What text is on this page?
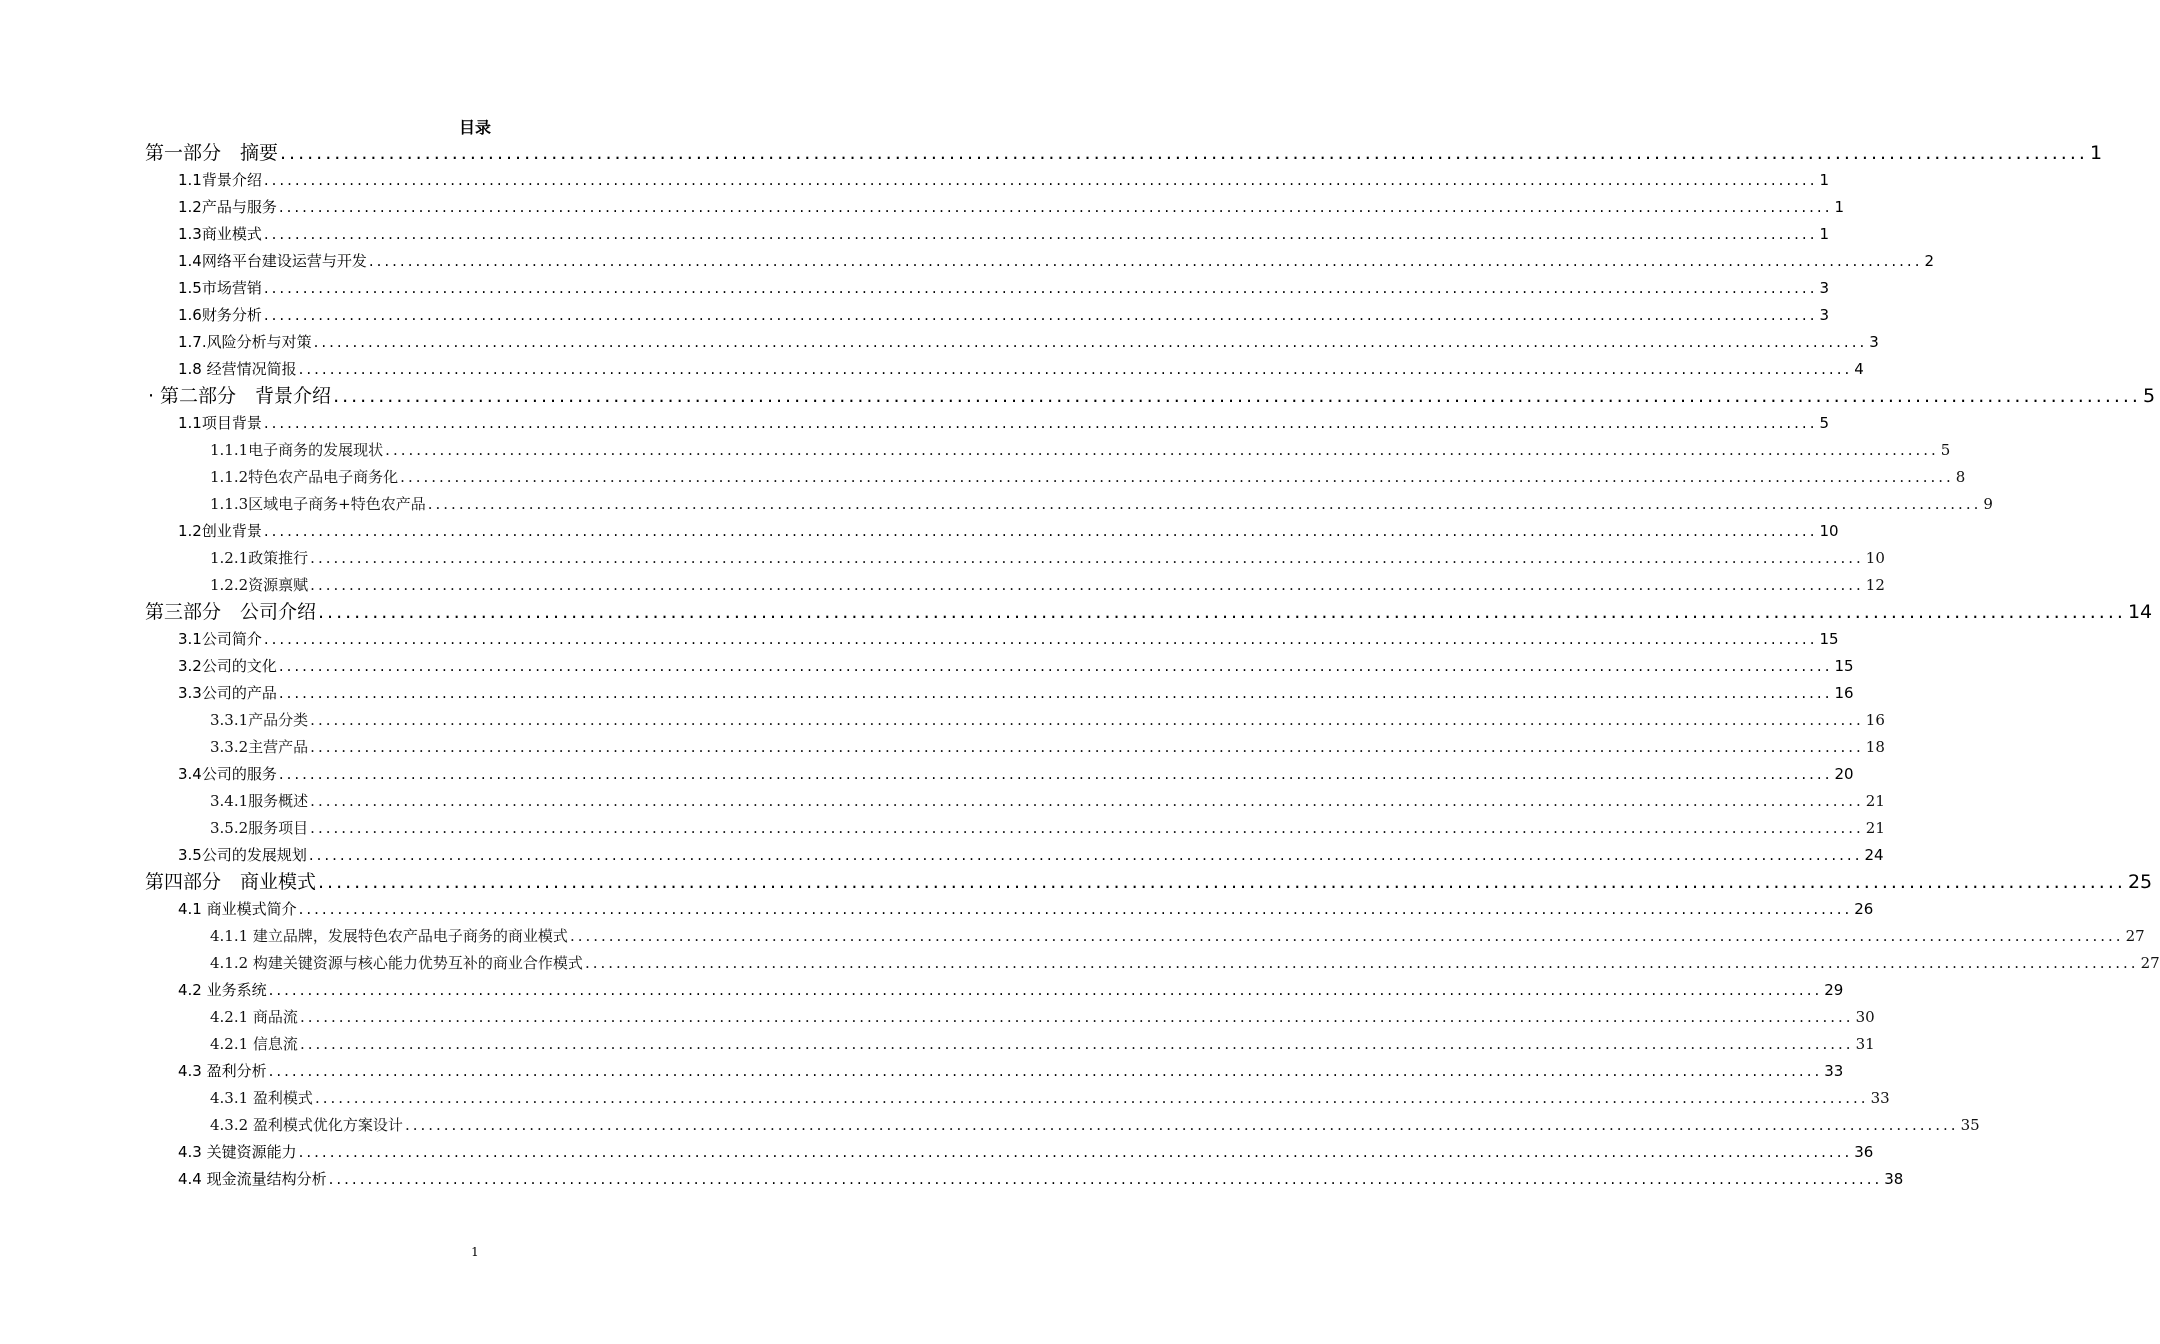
目录
第一部分　摘要 ........................................................................................................................................................................................................ 1
1.1背景介绍 ........................................................................................................................................................................................................ 1
1.2产品与服务 ........................................................................................................................................................................................................ 1
1.3商业模式 ........................................................................................................................................................................................................ 1
1.4网络平台建设运营与开发 ........................................................................................................................................................................................................ 2
1.5市场营销 ........................................................................................................................................................................................................ 3
1.6财务分析 ........................................................................................................................................................................................................ 3
1.7.风险分析与对策 ........................................................................................................................................................................................................ 3
1.8 经营情况简报 ........................................................................................................................................................................................................ 4
· 第二部分　背景介绍 ........................................................................................................................................................................................................ 5
1.1项目背景 ........................................................................................................................................................................................................ 5
1.1.1电子商务的发展现状 ........................................................................................................................................................................................................ 5
1.1.2特色农产品电子商务化 ........................................................................................................................................................................................................ 8
1.1.3区域电子商务+特色农产品 ........................................................................................................................................................................................................ 9
1.2创业背景 ........................................................................................................................................................................................................ 10
1.2.1政策推行 ........................................................................................................................................................................................................ 10
1.2.2资源禀赋 ........................................................................................................................................................................................................ 12
第三部分　公司介绍 ........................................................................................................................................................................................................ 14
3.1公司简介 ........................................................................................................................................................................................................ 15
3.2公司的文化 ........................................................................................................................................................................................................ 15
3.3公司的产品 ........................................................................................................................................................................................................ 16
3.3.1产品分类 ........................................................................................................................................................................................................ 16
3.3.2主营产品 ........................................................................................................................................................................................................ 18
3.4公司的服务 ........................................................................................................................................................................................................ 20
3.4.1服务概述 ........................................................................................................................................................................................................ 21
3.5.2服务项目 ........................................................................................................................................................................................................ 21
3.5公司的发展规划 ........................................................................................................................................................................................................ 24
第四部分　商业模式 ........................................................................................................................................................................................................ 25
4.1 商业模式简介 ........................................................................................................................................................................................................ 26
4.1.1 建立品牌，发展特色农产品电子商务的商业模式 ........................................................................................................................................................................................................ 27
4.1.2 构建关键资源与核心能力优势互补的商业合作模式 ........................................................................................................................................................................................................ 27
4.2 业务系统 ........................................................................................................................................................................................................ 29
4.2.1 商品流 ........................................................................................................................................................................................................ 30
4.2.1 信息流 ........................................................................................................................................................................................................ 31
4.3 盈利分析 ........................................................................................................................................................................................................ 33
4.3.1 盈利模式 ........................................................................................................................................................................................................ 33
4.3.2 盈利模式优化方案设计 ........................................................................................................................................................................................................ 35
4.3 关键资源能力 ........................................................................................................................................................................................................ 36
4.4 现金流量结构分析 ........................................................................................................................................................................................................ 38
1
